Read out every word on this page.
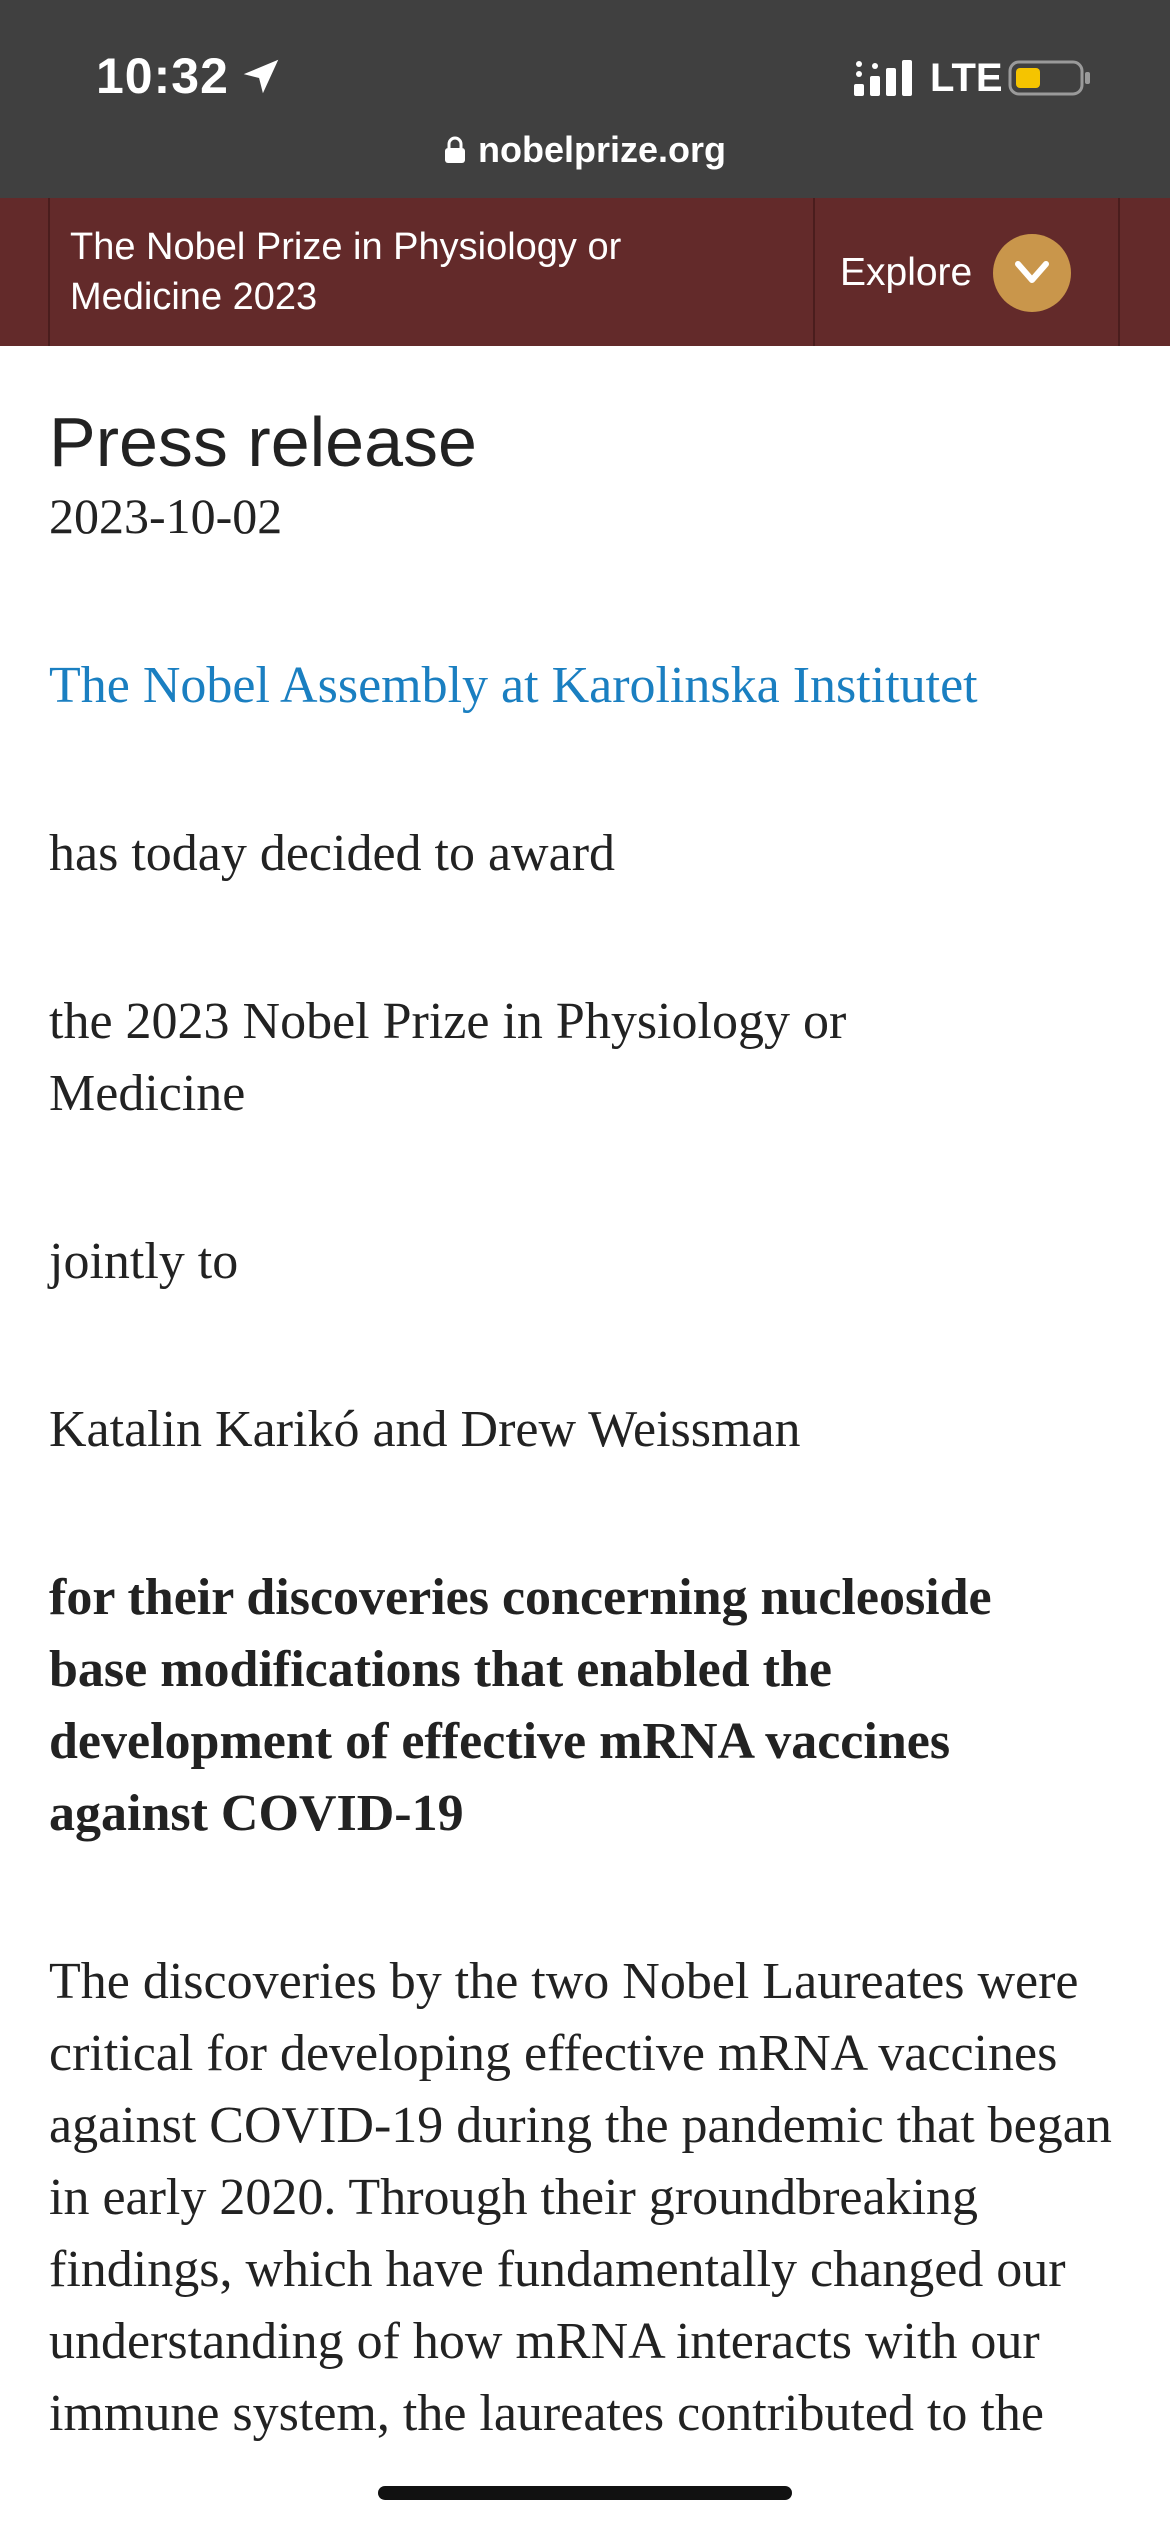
10:32	LTE
nobelprize.org
The Nobel Prize in Physiology or Medicine 2023
Explore
Press release
2023-10-02

The Nobel Assembly at Karolinska Institutet

has today decided to award

the 2023 Nobel Prize in Physiology or Medicine

jointly to

Katalin Karikó and Drew Weissman

for their discoveries concerning nucleoside base modifications that enabled the development of effective mRNA vaccines against COVID-19

The discoveries by the two Nobel Laureates were critical for developing effective mRNA vaccines against COVID-19 during the pandemic that began in early 2020. Through their groundbreaking findings, which have fundamentally changed our understanding of how mRNA interacts with our immune system, the laureates contributed to the
